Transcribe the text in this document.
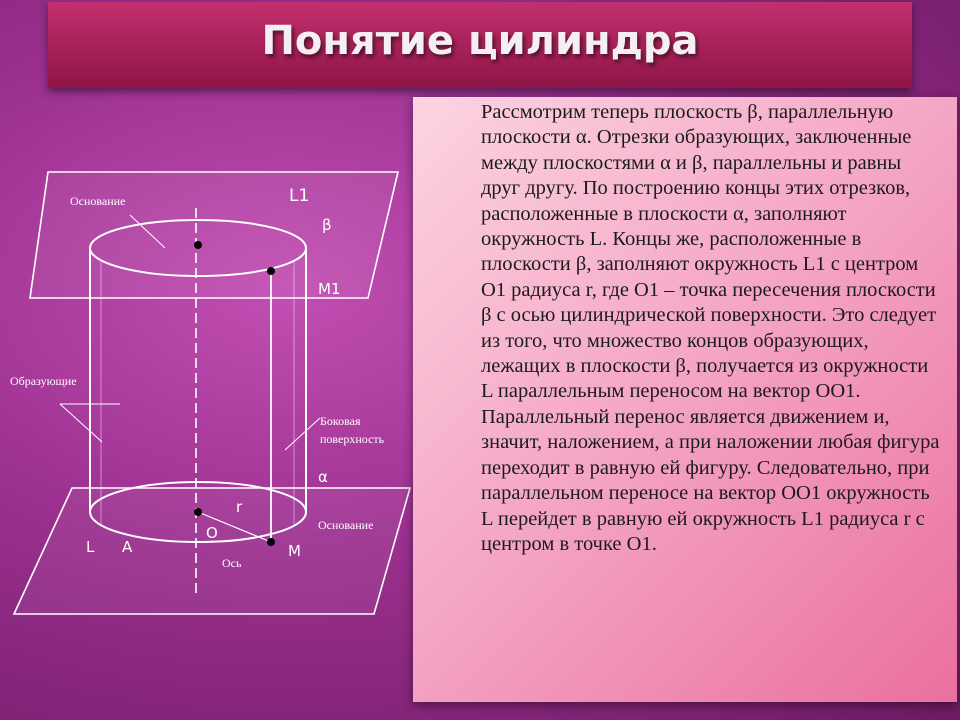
Понятие цилиндра
Основание	L1
β
M1
Образующие
Боковая
поверхность
α
r
O	Основание
L A	M
Ось

Рассмотрим теперь плоскость β, параллельную плоскости α. Отрезки образующих, заключенные между плоскостями α и β, параллельны и равны друг другу. По построению концы этих отрезков, расположенные в плоскости α, заполняют окружность L. Концы же, расположенные в плоскости β, заполняют окружность L1 с центром O1 радиуса r, где O1 – точка пересечения плоскости β с осью цилиндрической поверхности. Это следует из того, что множество концов образующих, лежащих в плоскости β, получается из окружности L параллельным переносом на вектор OO1. Параллельный перенос является движением и, значит, наложением, а при наложении любая фигура переходит в равную ей фигуру. Следовательно, при параллельном переносе на вектор OO1 окружность L перейдет в равную ей окружность L1 радиуса r с центром в точке O1.
